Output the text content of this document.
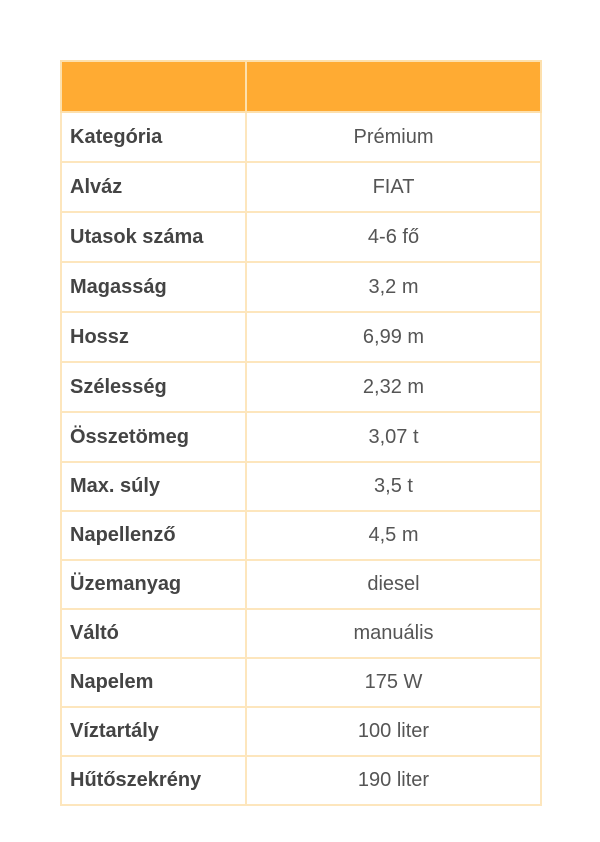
Kategória	Prémium
Alváz	FIAT
Utasok száma	4-6 fő
Magasság	3,2 m
Hossz	6,99 m
Szélesség	2,32 m
Összetömeg	3,07 t
Max. súly	3,5 t
Napellenző	4,5 m
Üzemanyag	diesel
Váltó	manuális
Napelem	175 W
Víztartály	100 liter
Hűtőszekrény	190 liter
